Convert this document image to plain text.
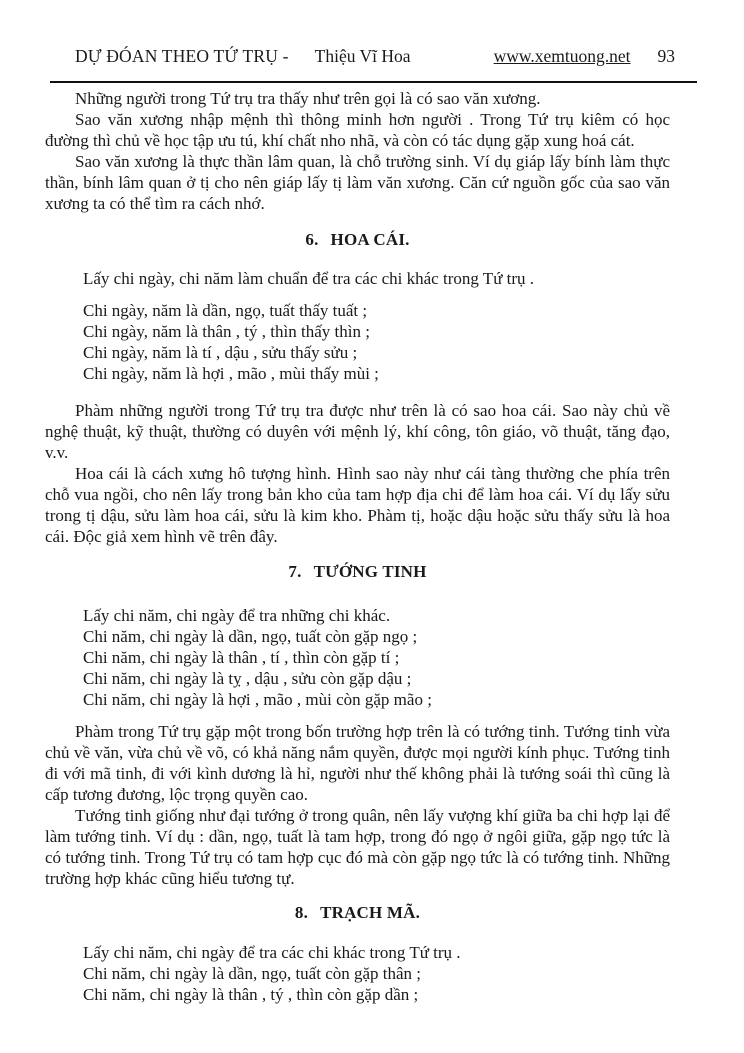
DỰ ĐÓAN THEO TỨ TRỤ - Thiệu Vĩ Hoa	www.xemtuong.net 93

Những người trong Tứ trụ tra thấy như trên gọi là có sao văn xương.

Sao văn xương nhập mệnh thì thông minh hơn người . Trong Tứ trụ kiêm có học đường thì chủ về học tập ưu tú, khí chất nho nhã, và còn có tác dụng gặp xung hoá cát.

Sao văn xương là thực thần lâm quan, là chỗ trường sinh. Ví dụ giáp lấy bính làm thực thần, bính lâm quan ở tị cho nên giáp lấy tị làm văn xương. Căn cứ nguồn gốc của sao văn xương ta có thể tìm ra cách nhớ.

6. HOA CÁI.

Lấy chi ngày, chi năm làm chuẩn để tra các chi khác trong Tứ trụ .

Chi ngày, năm là dần, ngọ, tuất thấy tuất ;

Chi ngày, năm là thân , tý , thìn thấy thìn ;

Chi ngày, năm là tí , dậu , sửu thấy sửu ;

Chi ngày, năm là hợi , mão , mùi thấy mùi ;

Phàm những người trong Tứ trụ tra được như trên là có sao hoa cái. Sao này chủ về nghệ thuật, kỹ thuật, thường có duyên với mệnh lý, khí công, tôn giáo, võ thuật, tăng đạo, v.v.

Hoa cái là cách xưng hô tượng hình. Hình sao này như cái tàng thường che phía trên chỗ vua ngồi, cho nên lấy trong bản kho của tam hợp địa chi để làm hoa cái. Ví dụ lấy sửu trong tị dậu, sửu làm hoa cái, sửu là kim kho. Phàm tị, hoặc dậu hoặc sửu thấy sửu là hoa cái. Độc giả xem hình vẽ trên đây.

7. TƯỚNG TINH

Lấy chi năm, chi ngày để tra những chi khác.

Chi năm, chi ngày là dần, ngọ, tuất còn gặp ngọ ;

Chi năm, chi ngày là thân , tí , thìn còn gặp tí ;

Chi năm, chi ngày là tỵ , dậu , sửu còn gặp dậu ;

Chi năm, chi ngày là hợi , mão , mùi còn gặp mão ;

Phàm trong Tứ trụ gặp một trong bốn trường hợp trên là có tướng tinh. Tướng tinh vừa chủ về văn, vừa chủ về võ, có khả năng nắm quyền, được mọi người kính phục. Tướng tinh đi với mã tinh, đi với kình dương là hỉ, người như thế không phải là tướng soái thì cũng là cấp tương đương, lộc trọng quyền cao.

Tướng tinh giống như đại tướng ở trong quân, nên lấy vượng khí giữa ba chi hợp lại để làm tướng tinh. Ví dụ : dần, ngọ, tuất là tam hợp, trong đó ngọ ở ngôi giữa, gặp ngọ tức là có tướng tinh. Trong Tứ trụ có tam hợp cục đó mà còn gặp ngọ tức là có tướng tinh. Những trường hợp khác cũng hiểu tương tự.

8. TRẠCH MÃ.

Lấy chi năm, chi ngày để tra các chi khác trong Tứ trụ .

Chi năm, chi ngày là dần, ngọ, tuất còn gặp thân ;

Chi năm, chi ngày là thân , tý , thìn còn gặp dần ;
